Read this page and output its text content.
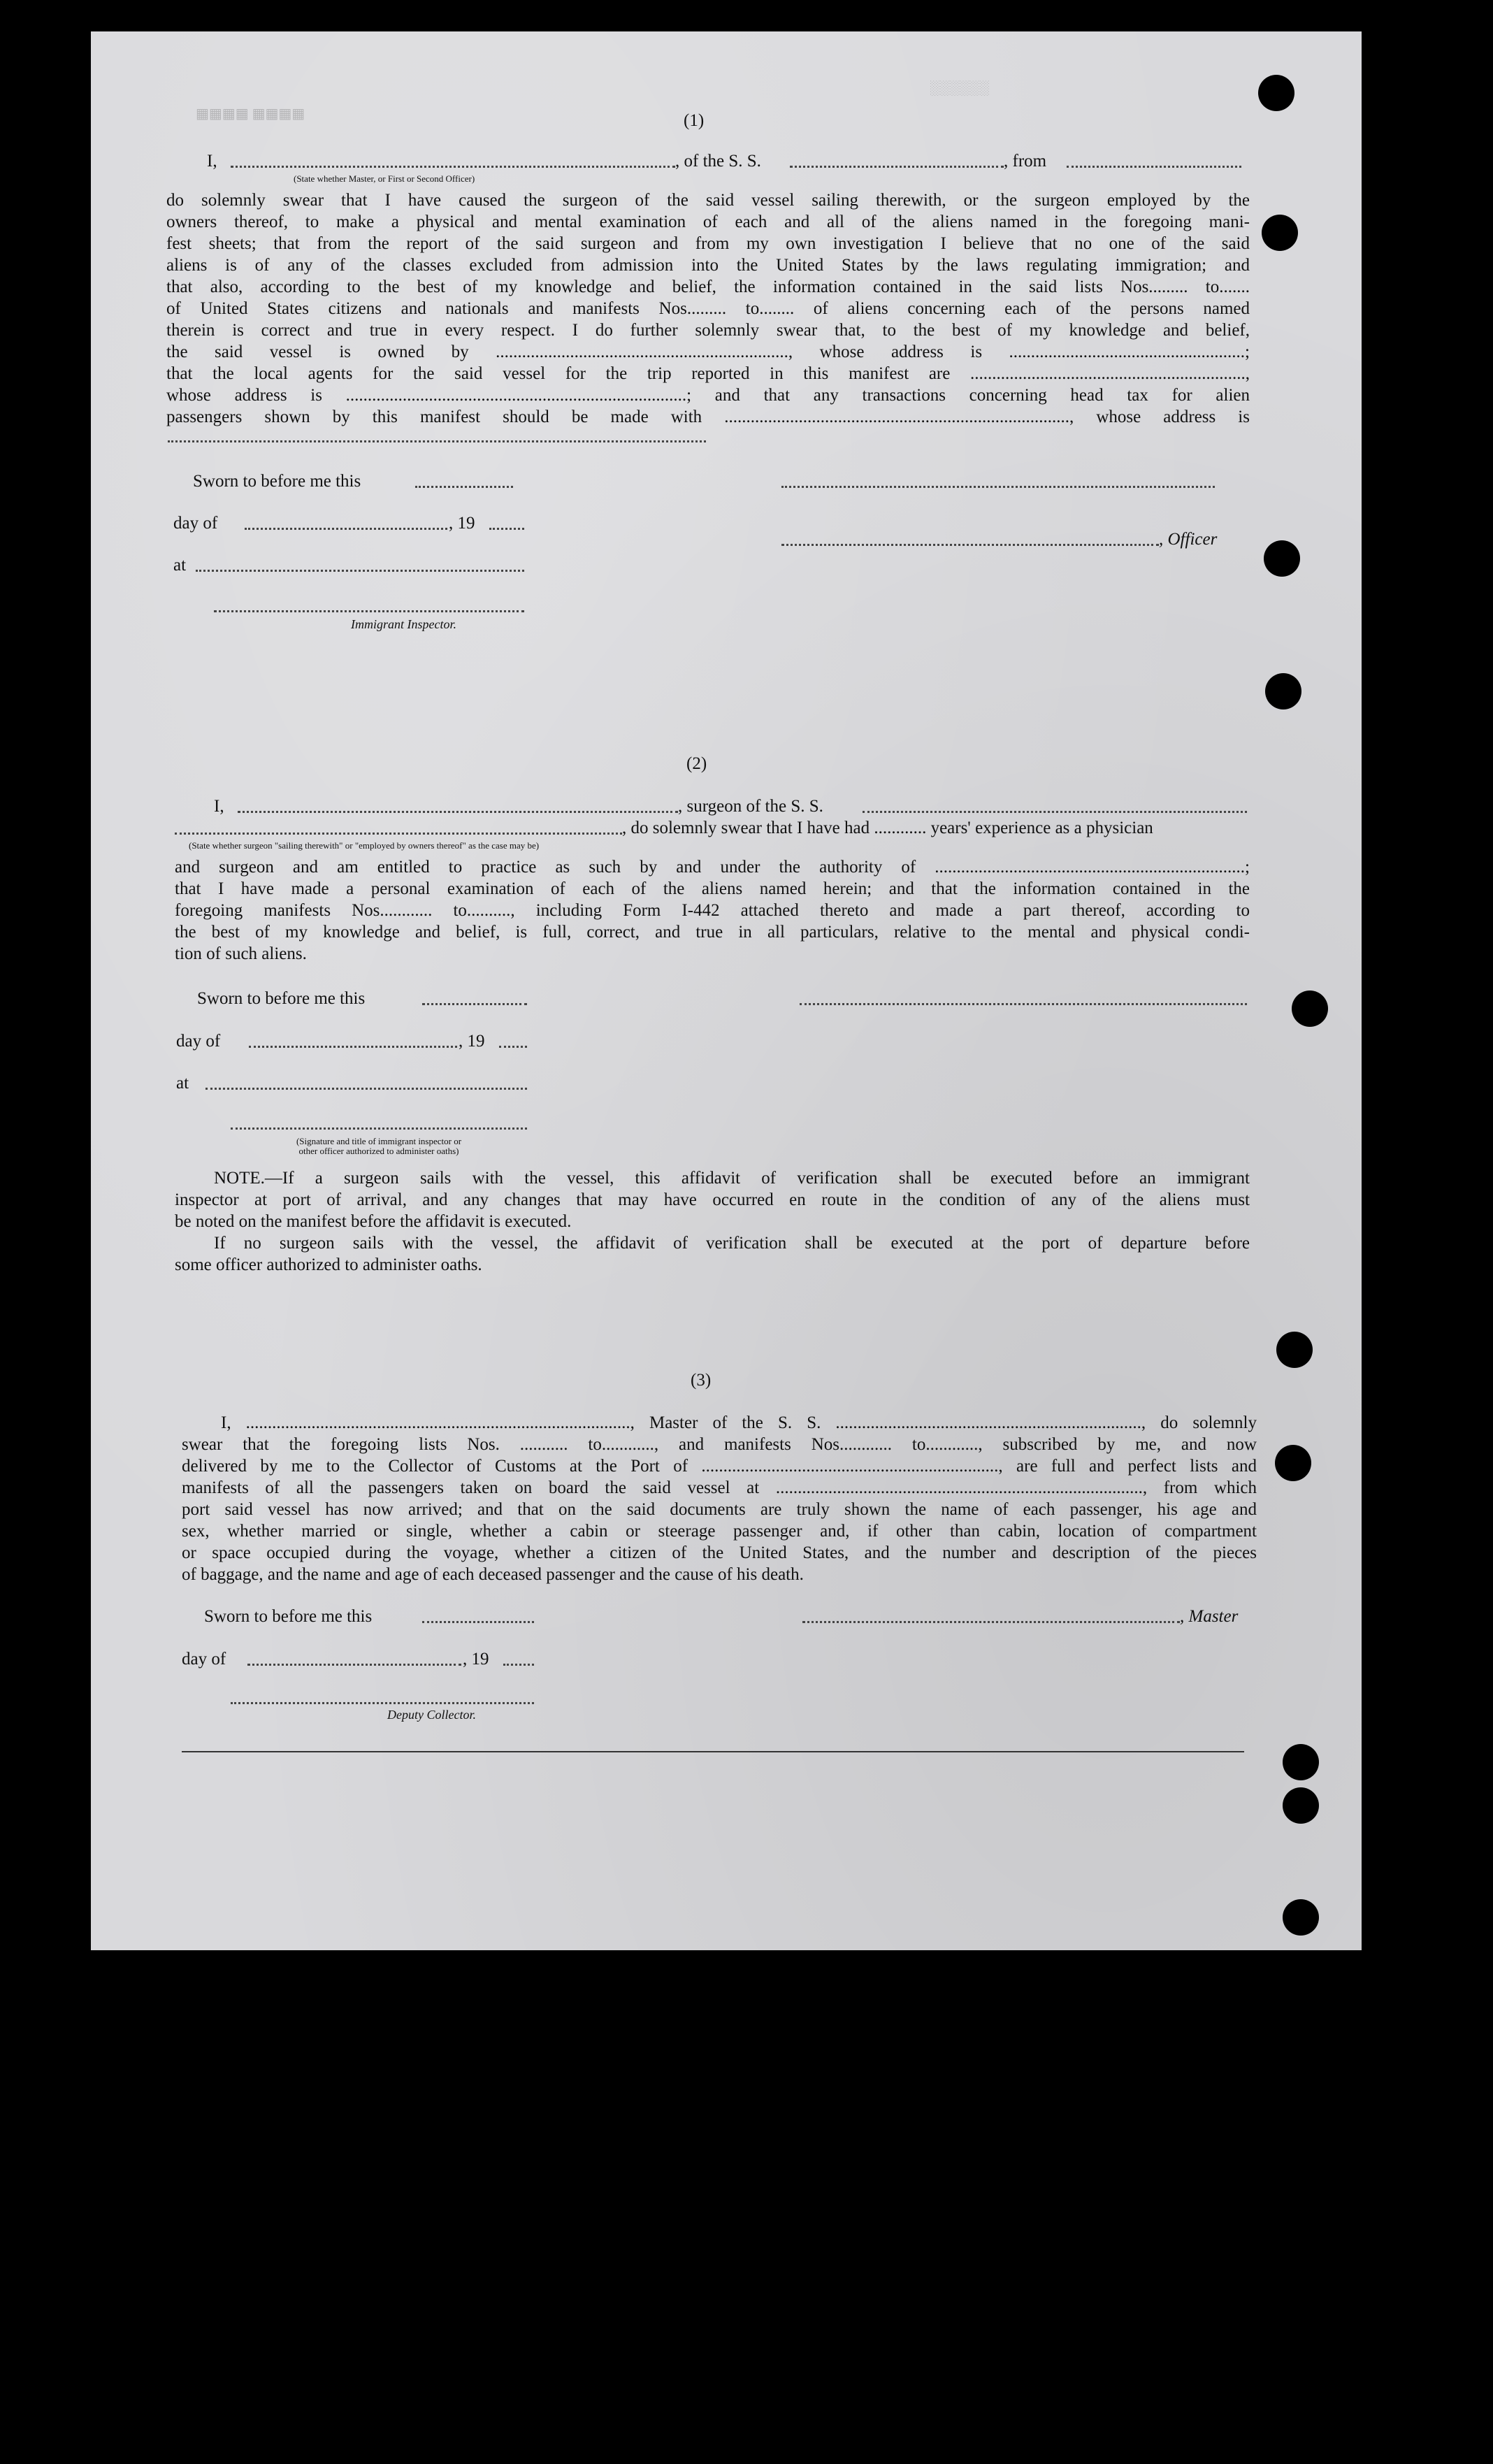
▦▦▦▦ ▦▦▦▦
░░░░░░
(1)
I,	, of the S. S.	, from
(State whether Master, or First or Second Officer)
do solemnly swear that I have caused the surgeon of the said vessel sailing therewith, or the surgeon employed by the
owners thereof, to make a physical and mental examination of each and all of the aliens named in the foregoing mani-
fest sheets; that from the report of the said surgeon and from my own investigation I believe that no one of the said
aliens is of any of the classes excluded from admission into the United States by the laws regulating immigration; and
that also, according to the best of my knowledge and belief, the information contained in the said lists Nos......... to.......
of United States citizens and nationals and manifests Nos......... to........ of aliens concerning each of the persons named
therein is correct and true in every respect. I do further solemnly swear that, to the best of my knowledge and belief,
the said vessel is owned by ..................................................................., whose address is ......................................................;
that the local agents for the said vessel for the trip reported in this manifest are ...............................................................,
whose address is ..............................................................................; and that any transactions concerning head tax for alien
passengers shown by this manifest should be made with ..............................................................................., whose address is
Sworn to before me this
day of	, 19
, Officer
at
Immigrant Inspector.
(2)
I,	, surgeon of the S. S.
, do solemnly swear that I have had ............ years' experience as a physician
(State whether surgeon "sailing therewith" or "employed by owners thereof" as the case may be)
and surgeon and am entitled to practice as such by and under the authority of .......................................................................;
that I have made a personal examination of each of the aliens named herein; and that the information contained in the
foregoing manifests Nos............ to.........., including Form I-442 attached thereto and made a part thereof, according to
the best of my knowledge and belief, is full, correct, and true in all particulars, relative to the mental and physical condi-
tion of such aliens.
Sworn to before me this
day of	, 19
at
(Signature and title of immigrant inspector or
other officer authorized to administer oaths)
NOTE.—If a surgeon sails with the vessel, this affidavit of verification shall be executed before an immigrant
inspector at port of arrival, and any changes that may have occurred en route in the condition of any of the aliens must
be noted on the manifest before the affidavit is executed.
If no surgeon sails with the vessel, the affidavit of verification shall be executed at the port of departure before
some officer authorized to administer oaths.
(3)
I, ........................................................................................, Master of the S. S. ......................................................................, do solemnly
swear that the foregoing lists Nos. ........... to............, and manifests Nos............ to............, subscribed by me, and now
delivered by me to the Collector of Customs at the Port of ...................................................................., are full and perfect lists and
manifests of all the passengers taken on board the said vessel at ...................................................................................., from which
port said vessel has now arrived; and that on the said documents are truly shown the name of each passenger, his age and
sex, whether married or single, whether a cabin or steerage passenger and, if other than cabin, location of compartment
or space occupied during the voyage, whether a citizen of the United States, and the number and description of the pieces
of baggage, and the name and age of each deceased passenger and the cause of his death.
Sworn to before me this	, Master
day of	, 19
Deputy Collector.
